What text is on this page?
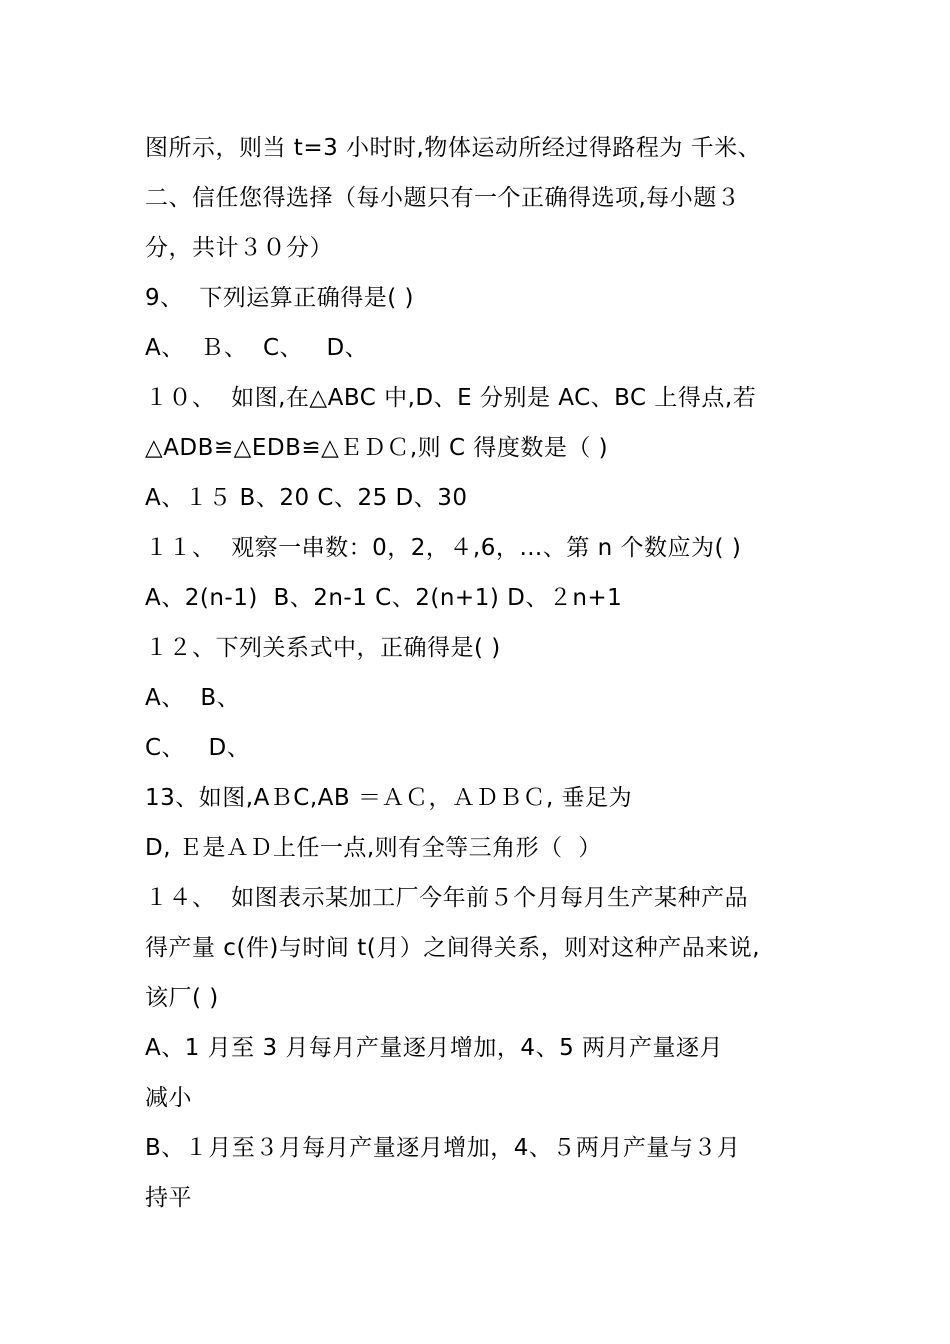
图所示，则当 t=3 小时时,物体运动所经过得路程为 千米、
二、信任您得选择（每小题只有一个正确得选项,每小题３
分，共计３０分）
9、  下列运算正确得是( )
A、  Ｂ、  C、   D、
１０、  如图,在△ABC 中,D、E 分别是 AC、BC 上得点,若
△ADB≌△EDB≌△ＥＤＣ,则 C 得度数是（ )
A、１５ B、20 C、25 D、30
１１、  观察一串数：0，2，４,6，…、第 n 个数应为( )
A、2(n-1)  B、2n-1 C、2(n+1) D、２n+1
１２、下列关系式中，正确得是( )
A、  B、
C、   D、
13、如图,AＢC,AB ＝ＡＣ，ＡＤＢＣ, 垂足为
D, Ｅ是ＡＤ上任一点,则有全等三角形（  ）
１４、  如图表示某加工厂今年前５个月每月生产某种产品
得产量 c(件)与时间 t(月）之间得关系，则对这种产品来说,
该厂( )
A、1 月至 3 月每月产量逐月增加，4、5 两月产量逐月
减小
B、１月至３月每月产量逐月增加，4、５两月产量与３月
持平
